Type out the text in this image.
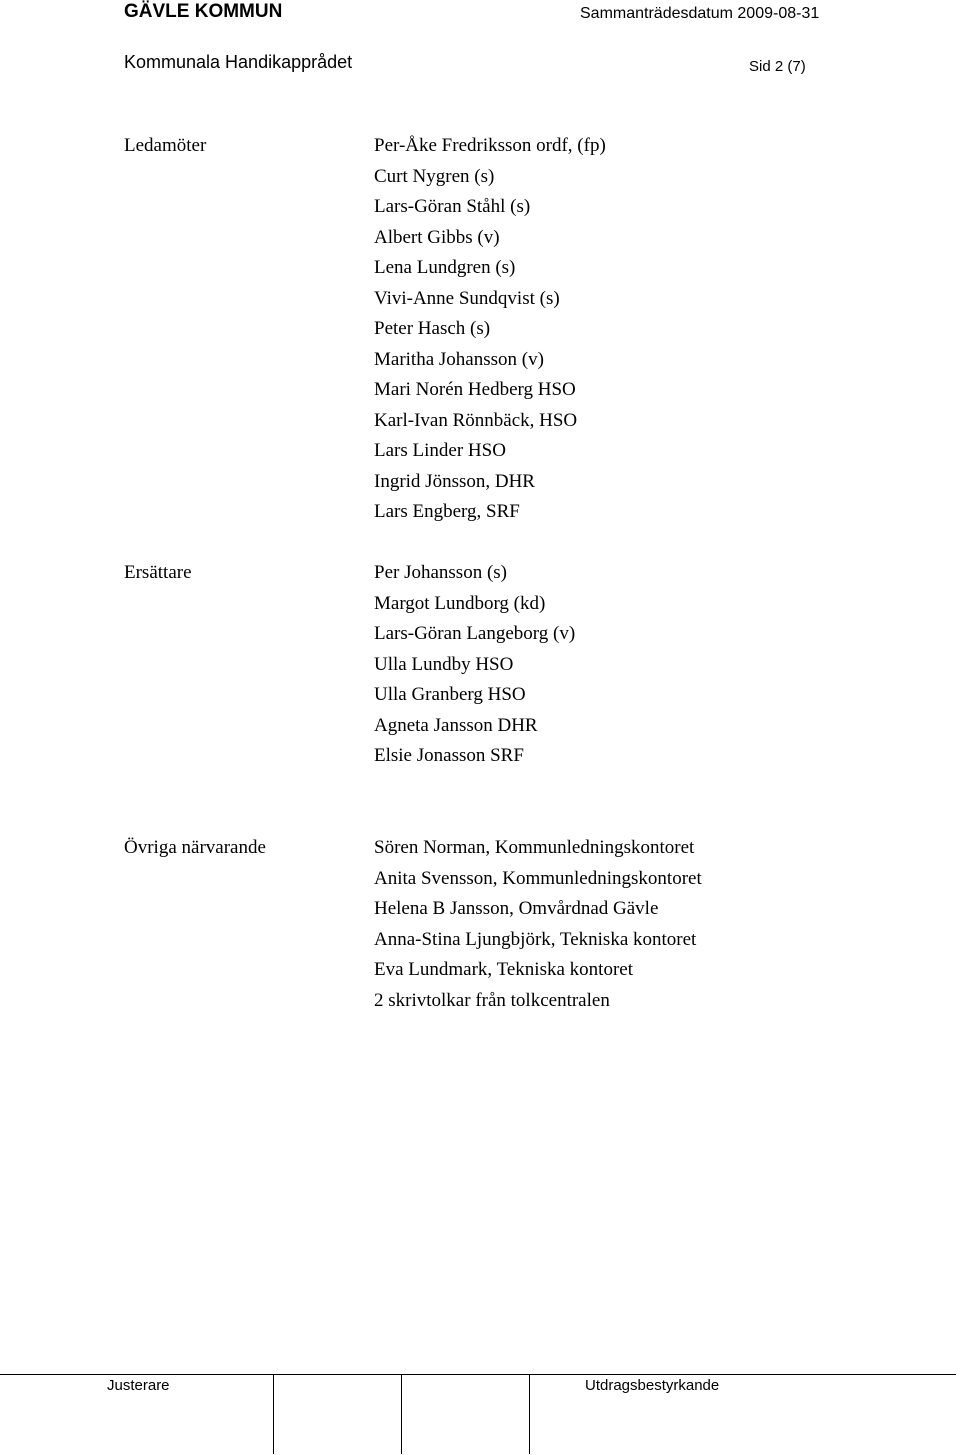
GÄVLE KOMMUN	Sammanträdesdatum 2009-08-31
Kommunala Handikapprådet	Sid 2 (7)
Ledamöter	Per-Åke Fredriksson ordf, (fp)
Curt Nygren (s)
Lars-Göran Ståhl (s)
Albert Gibbs (v)
Lena Lundgren (s)
Vivi-Anne Sundqvist (s)
Peter Hasch (s)
Maritha Johansson (v)
Mari Norén Hedberg HSO
Karl-Ivan Rönnbäck, HSO
Lars Linder HSO
Ingrid Jönsson, DHR
Lars Engberg, SRF
Ersättare	Per Johansson (s)
Margot Lundborg (kd)
Lars-Göran Langeborg (v)
Ulla Lundby HSO
Ulla Granberg HSO
Agneta Jansson DHR
Elsie Jonasson SRF
Övriga närvarande	Sören Norman, Kommunledningskontoret
Anita Svensson, Kommunledningskontoret
Helena B Jansson, Omvårdnad Gävle
Anna-Stina Ljungbjörk, Tekniska kontoret
Eva Lundmark, Tekniska kontoret
2 skrivtolkar från tolkcentralen
Justerare	Utdragsbestyrkande
